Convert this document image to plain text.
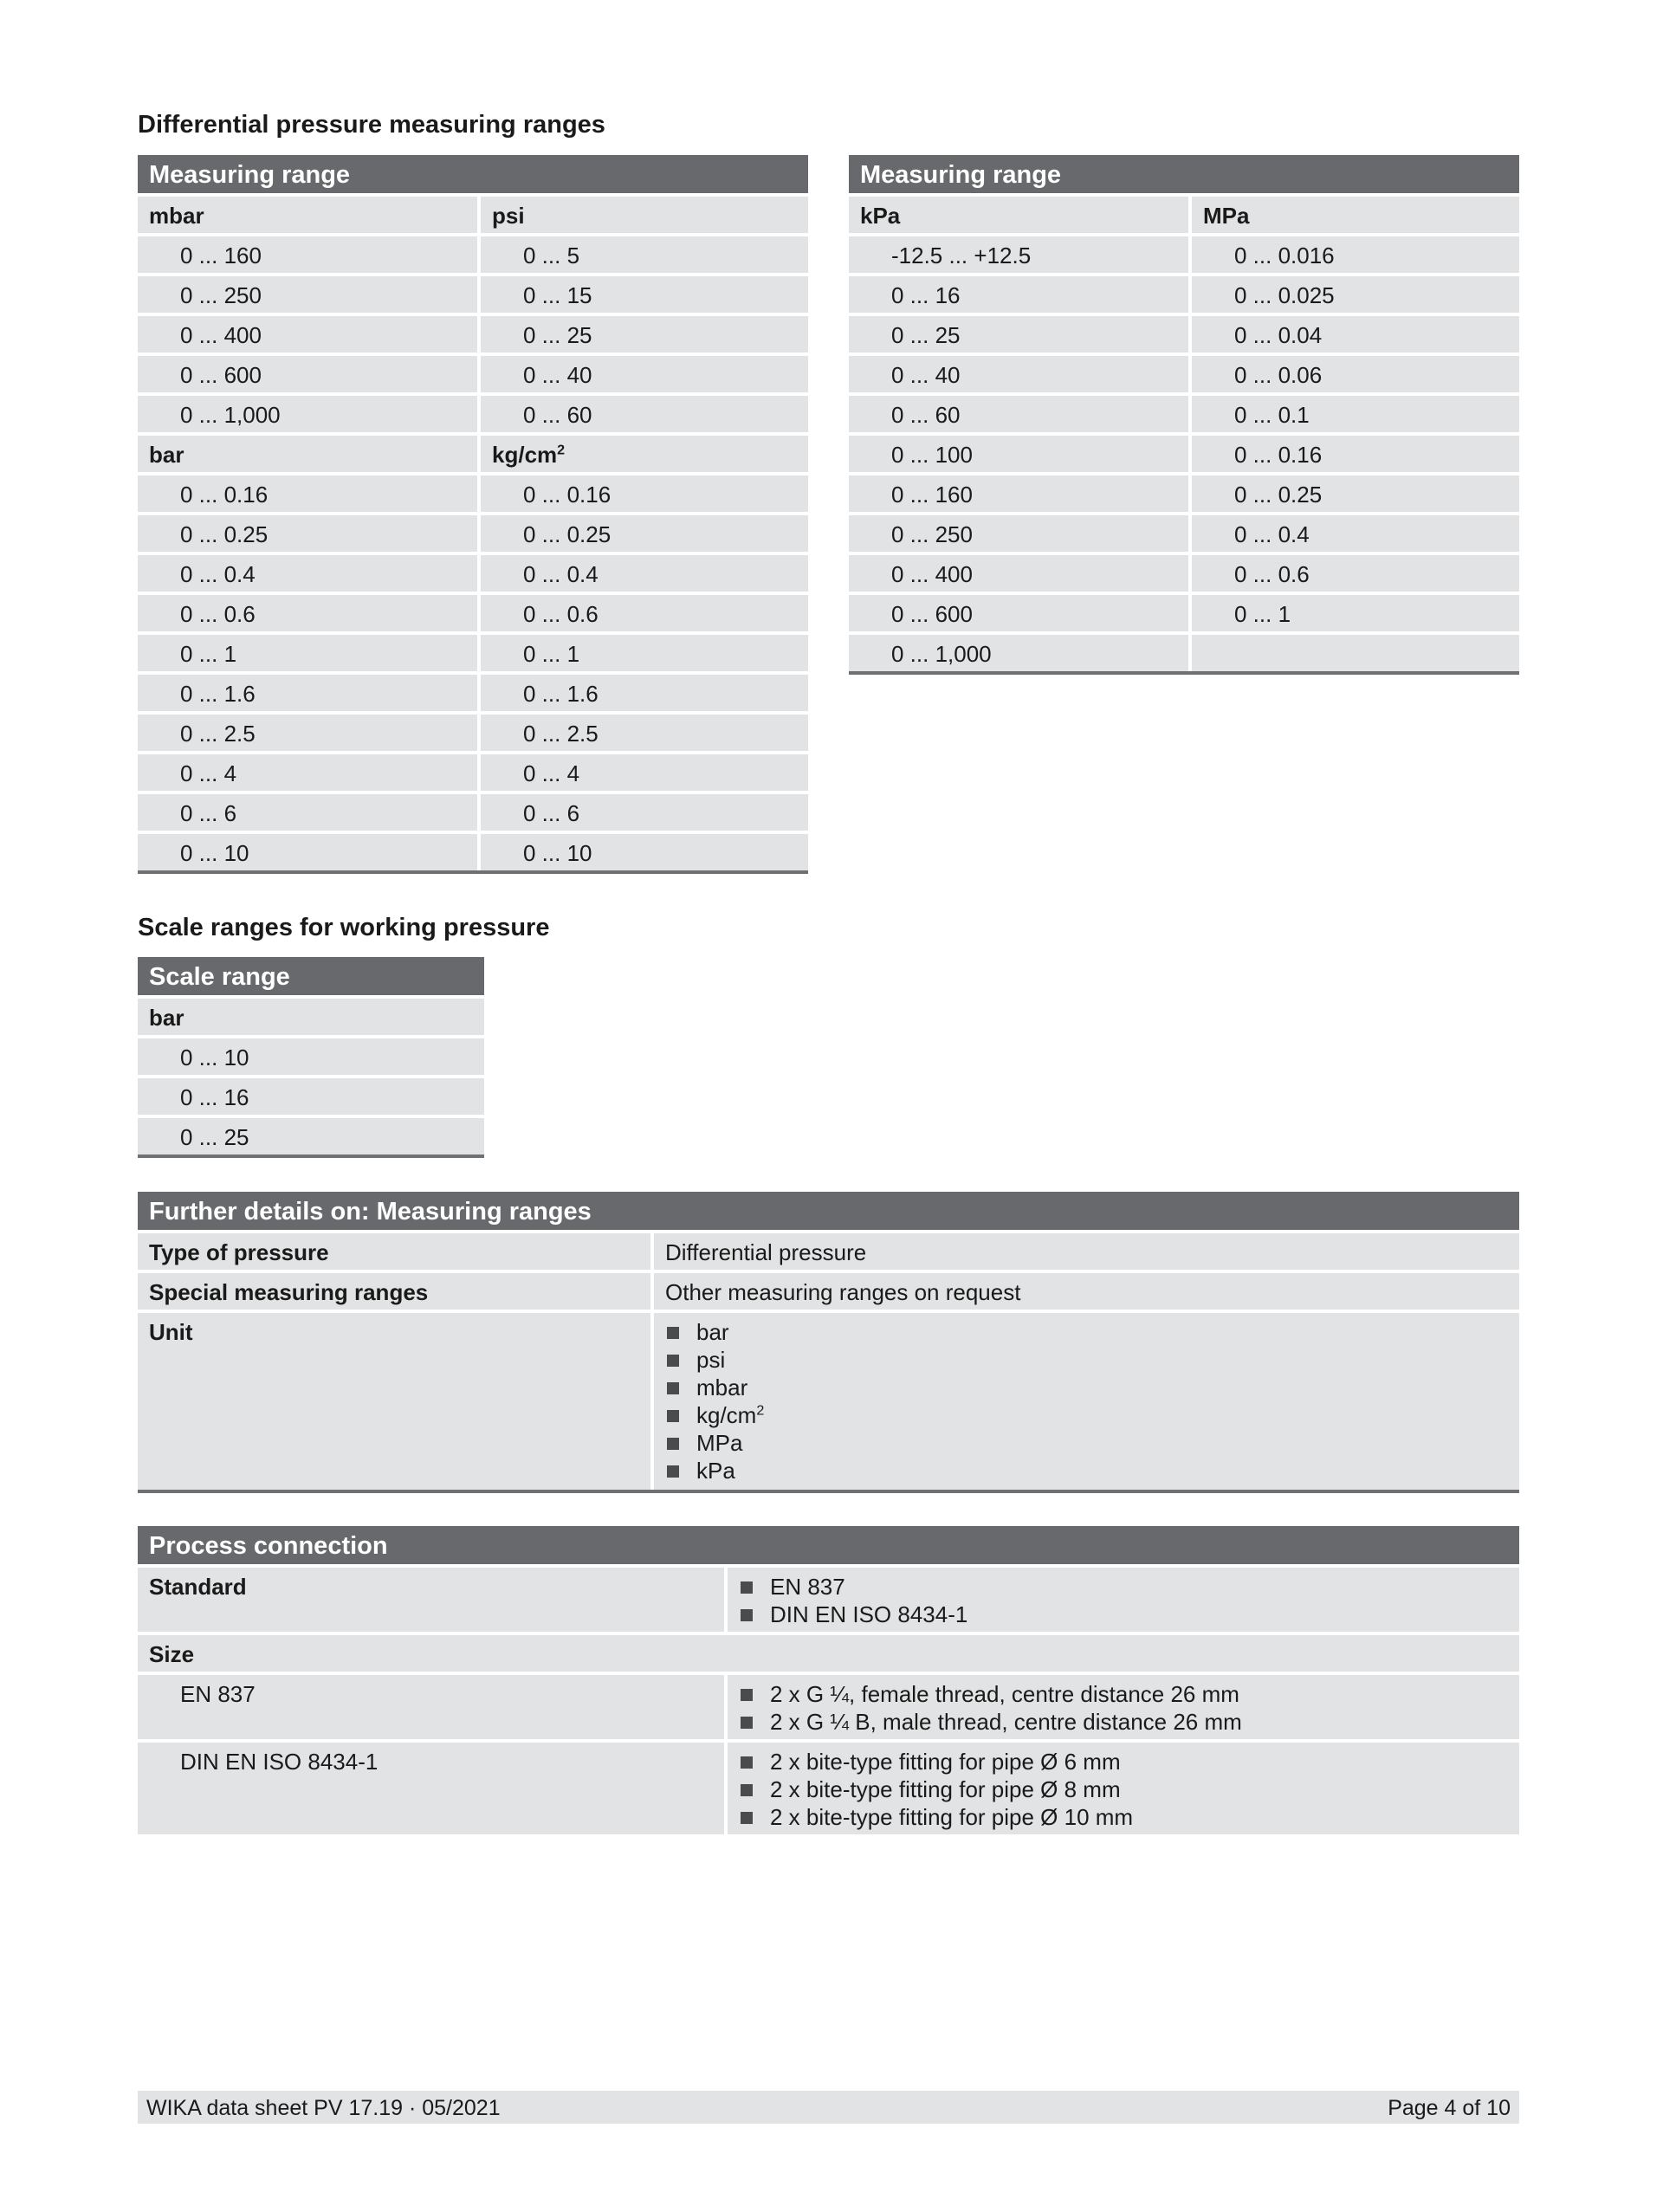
Differential pressure measuring ranges
Measuring range
mbar	psi
0 ... 160	0 ... 5
0 ... 250	0 ... 15
0 ... 400	0 ... 25
0 ... 600	0 ... 40
0 ... 1,000	0 ... 60
bar	$kg/cm^2$
0 ... 0.16	0 ... 0.16
0 ... 0.25	0 ... 0.25
0 ... 0.4	0 ... 0.4
0 ... 0.6	0 ... 0.6
0 ... 1	0 ... 1
0 ... 1.6	0 ... 1.6
0 ... 2.5	0 ... 2.5
0 ... 4	0 ... 4
0 ... 6	0 ... 6
0 ... 10	0 ... 10
Measuring range
kPa	MPa
-12.5 ... +12.5	0 ... 0.016
0 ... 16	0 ... 0.025
0 ... 25	0 ... 0.04
0 ... 40	0 ... 0.06
0 ... 60	0 ... 0.1
0 ... 100	0 ... 0.16
0 ... 160	0 ... 0.25
0 ... 250	0 ... 0.4
0 ... 400	0 ... 0.6
0 ... 600	0 ... 1
0 ... 1,000
Scale ranges for working pressure
Scale range
bar
0 ... 10
0 ... 16
0 ... 25
Further details on: Measuring ranges
Type of pressure	Differential pressure
Special measuring ranges	Other measuring ranges on request
Unit	bar
psi
mbar
$kg/cm^2$
MPa
kPa
Process connection
Standard	EN 837
DIN EN ISO 8434-1
Size
EN 837	2 x G ¼, female thread, centre distance 26 mm
2 x G ¼ B, male thread, centre distance 26 mm
DIN EN ISO 8434-1	2 x bite-type fitting for pipe Ø 6 mm
2 x bite-type fitting for pipe Ø 8 mm
2 x bite-type fitting for pipe Ø 10 mm
WIKA data sheet PV 17.19 · 05/2021	Page 4 of 10
